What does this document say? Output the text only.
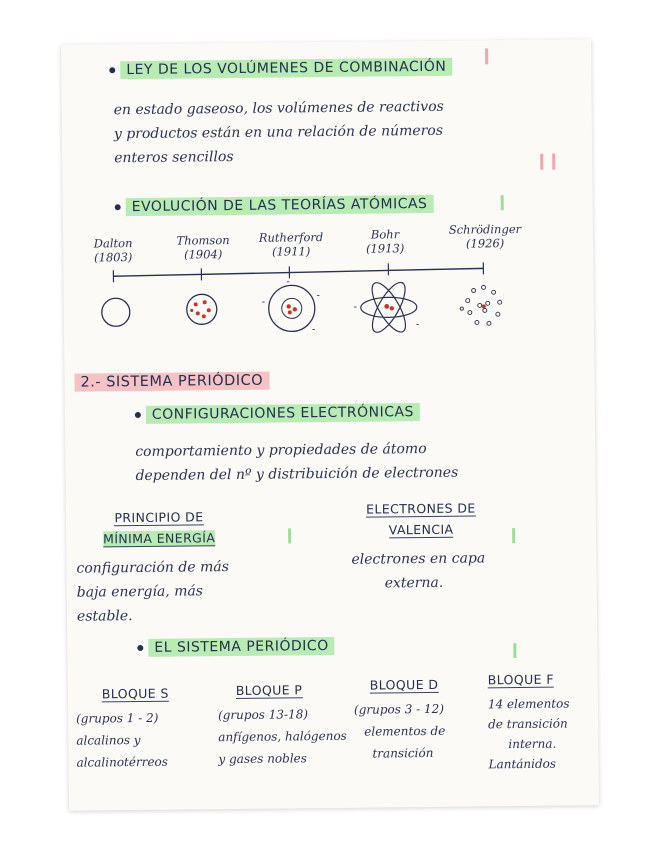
LEY DE LOS VOLÚMENES DE COMBINACIÓN
en estado gaseoso, los volúmenes de reactivos
y productos están en una relación de números
enteros sencillos
EVOLUCIÓN DE LAS TEORÍAS ATÓMICAS
Dalton
(1803)
Thomson
(1904)
Rutherford
(1911)
Bohr
(1913)
Schrödinger
(1926)
-
-
-
-
-
-
-
2.- SISTEMA PERIÓDICO
CONFIGURACIONES ELECTRÓNICAS
comportamiento y propiedades de átomo
dependen del nº y distribuición de electrones
PRINCIPIO DE
MÍNIMA ENERGÍA
configuración de más
baja energía, más
estable.
ELECTRONES DE
VALENCIA
electrones en capa
externa.
EL SISTEMA PERIÓDICO
BLOQUE S
(grupos 1 - 2)
alcalinos y
alcalinotérreos
BLOQUE P
(grupos 13-18)
anfígenos, halógenos
y gases nobles
BLOQUE D
(grupos 3 - 12)
elementos de
transición
BLOQUE F
14 elementos
de transición
interna.
Lantánidos
